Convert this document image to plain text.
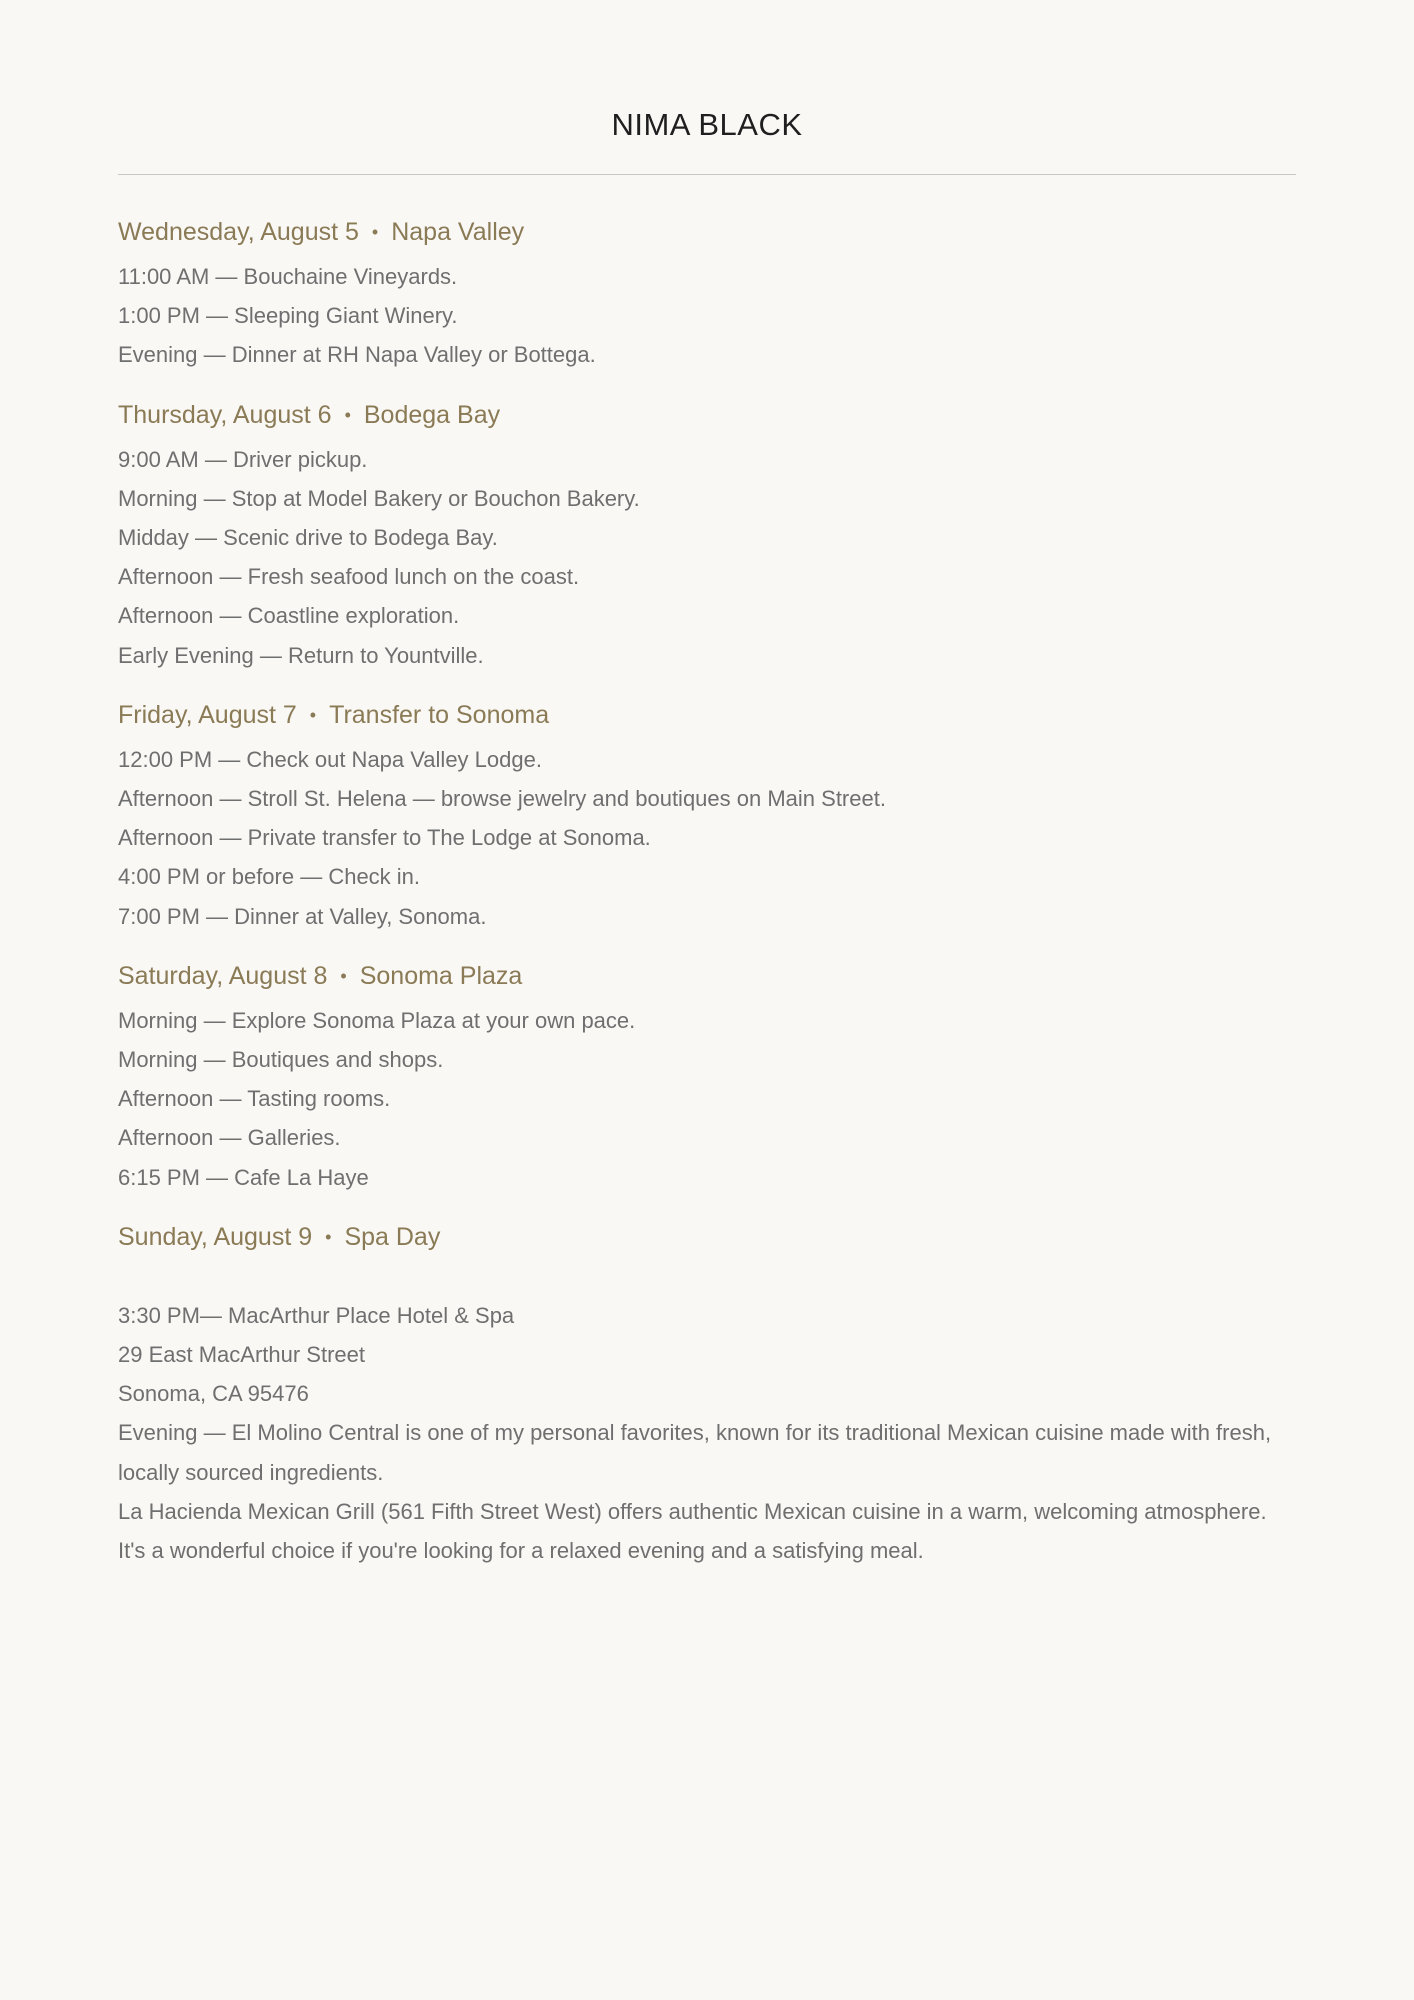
NIMA BLACK
Wednesday, August 5 • Napa Valley
11:00 AM — Bouchaine Vineyards.
1:00 PM — Sleeping Giant Winery.
Evening — Dinner at RH Napa Valley or Bottega.
Thursday, August 6 • Bodega Bay
9:00 AM — Driver pickup.
Morning — Stop at Model Bakery or Bouchon Bakery.
Midday — Scenic drive to Bodega Bay.
Afternoon — Fresh seafood lunch on the coast.
Afternoon — Coastline exploration.
Early Evening — Return to Yountville.
Friday, August 7 • Transfer to Sonoma
12:00 PM — Check out Napa Valley Lodge.
Afternoon — Stroll St. Helena — browse jewelry and boutiques on Main Street.
Afternoon — Private transfer to The Lodge at Sonoma.
4:00 PM or before — Check in.
7:00 PM — Dinner at Valley, Sonoma.
Saturday, August 8 • Sonoma Plaza
Morning — Explore Sonoma Plaza at your own pace.
Morning — Boutiques and shops.
Afternoon — Tasting rooms.
Afternoon — Galleries.
6:15 PM — Cafe La Haye
Sunday, August 9 • Spa Day
3:30 PM— MacArthur Place Hotel & Spa
29 East MacArthur Street
Sonoma, CA 95476
Evening — El Molino Central is one of my personal favorites, known for its traditional Mexican cuisine made with fresh, locally sourced ingredients.
La Hacienda Mexican Grill (561 Fifth Street West) offers authentic Mexican cuisine in a warm, welcoming atmosphere. It's a wonderful choice if you're looking for a relaxed evening and a satisfying meal.
